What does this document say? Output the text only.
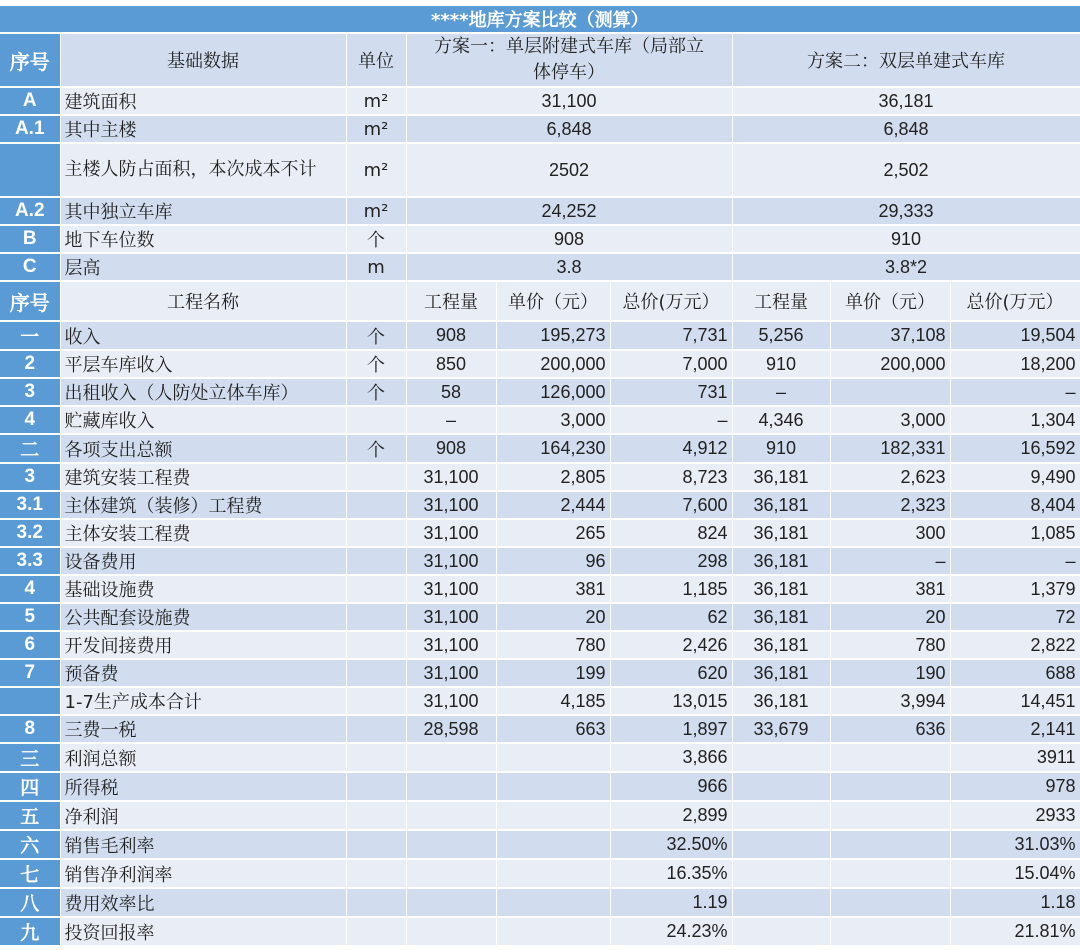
****地库方案比较（测算）								
序号	基础数据	单位	方案一：单层附建式车库（局部立体停车）			方案二：双层单建式车库		
A	建筑面积	m²	31,100			36,181		
A.1	其中主楼	m²	6,848			6,848		
	主楼人防占面积，本次成本不计	m²	2502			2,502		
A.2	其中独立车库	m²	24,252			29,333		
B	地下车位数	个	908			910		
C	层高	m	3.8			3.8*2		
序号	工程名称		工程量	单价（元）	总价(万元）	工程量	单价（元）	总价(万元）
一	收入	个	908	195,273	7,731	5,256	37,108	19,504
2	平层车库收入	个	850	200,000	7,000	910	200,000	18,200
3	出租收入（人防处立体车库）	个	58	126,000	731	–		–
4	贮藏库收入		–	3,000	–	4,346	3,000	1,304
二	各项支出总额	个	908	164,230	4,912	910	182,331	16,592
3	建筑安装工程费		31,100	2,805	8,723	36,181	2,623	9,490
3.1	主体建筑（装修）工程费		31,100	2,444	7,600	36,181	2,323	8,404
3.2	主体安装工程费		31,100	265	824	36,181	300	1,085
3.3	设备费用		31,100	96	298	36,181	–	–
4	基础设施费		31,100	381	1,185	36,181	381	1,379
5	公共配套设施费		31,100	20	62	36,181	20	72
6	开发间接费用		31,100	780	2,426	36,181	780	2,822
7	预备费		31,100	199	620	36,181	190	688
	1-7生产成本合计		31,100	4,185	13,015	36,181	3,994	14,451
8	三费一税		28,598	663	1,897	33,679	636	2,141
三	利润总额				3,866			3911
四	所得税				966			978
五	净利润				2,899			2933
六	销售毛利率				32.50%			31.03%
七	销售净利润率				16.35%			15.04%
八	费用效率比				1.19			1.18
九	投资回报率				24.23%			21.81%
